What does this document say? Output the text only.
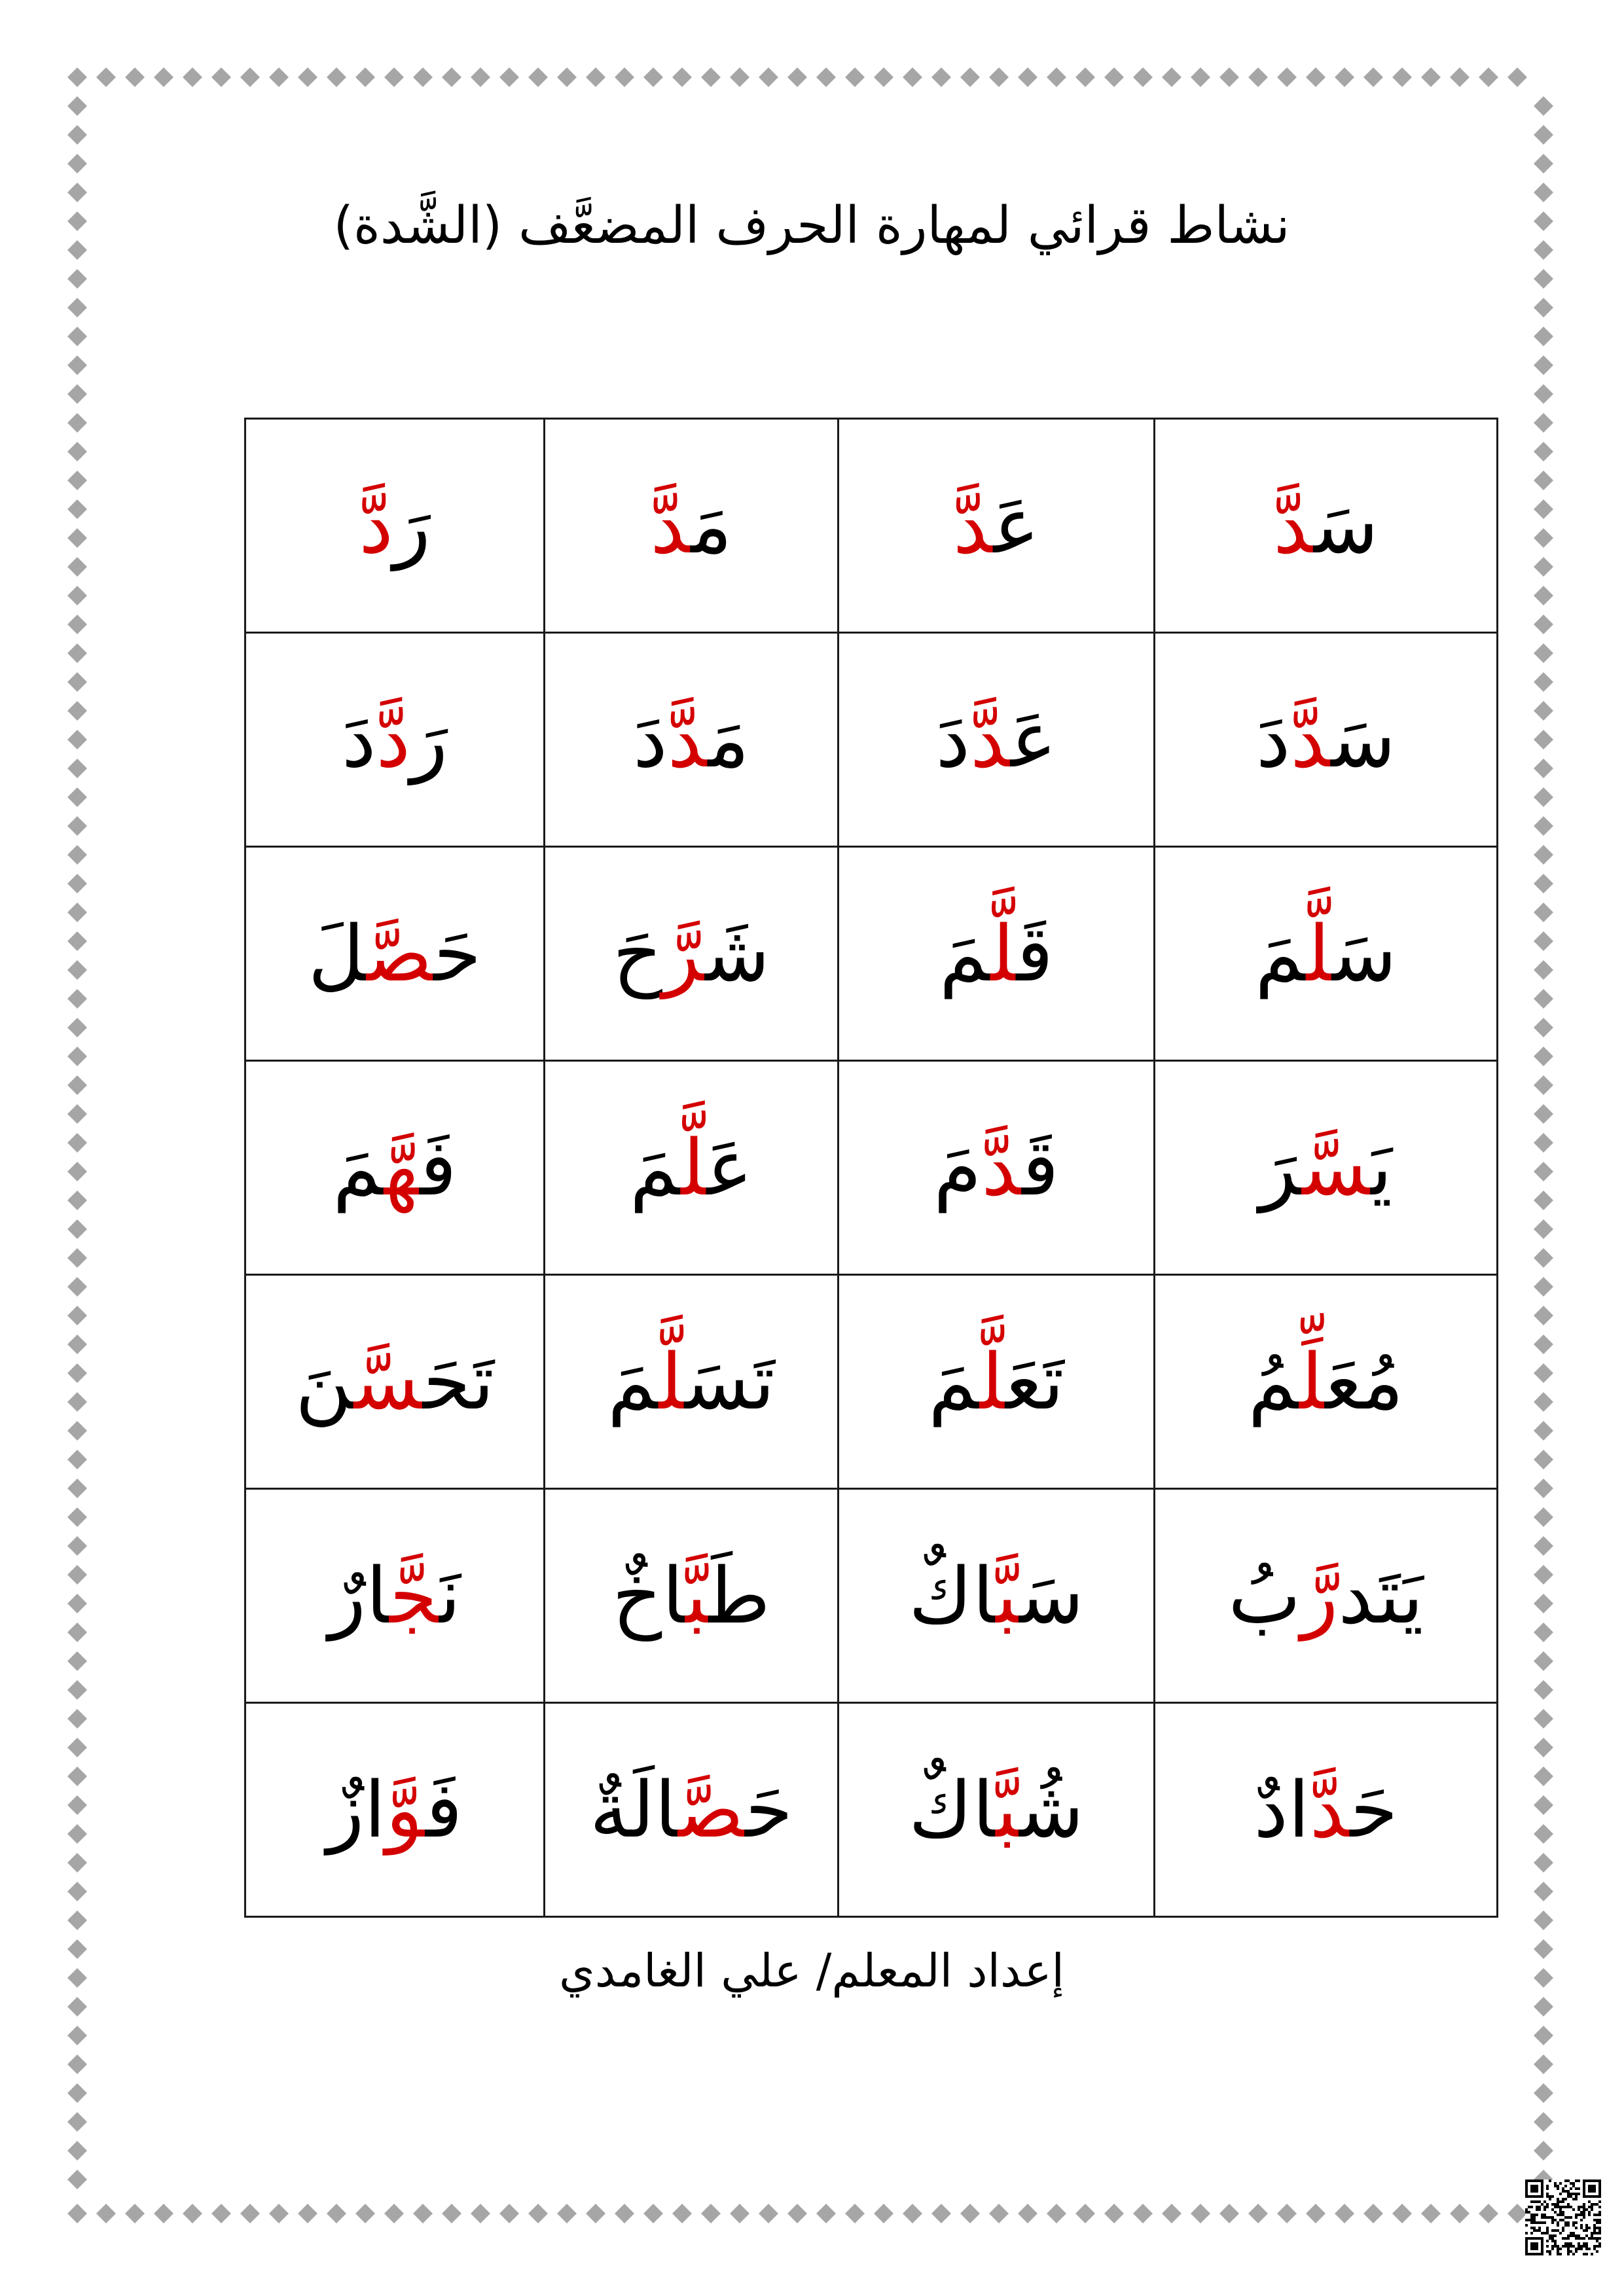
نشاط قرائي لمهارة الحرف المضعَّف (الشَّدة)
سَدَّ	عَدَّ	مَدَّ	رَدَّ
سَدَّدَ	عَدَّدَ	مَدَّدَ	رَدَّدَ
سَلَّمَ	قَلَّمَ	شَرَّحَ	حَصَّلَ
يَسَّرَ	قَدَّمَ	عَلَّمَ	فَهَّمَ
مُعَلِّمُ	تَعَلَّمَ	تَسَلَّمَ	تَحَسَّنَ
يَتَدرَّبُ	سَبَّاكٌ	طَبَّاخٌ	نَجَّارٌ
حَدَّادٌ	شُبَّاكٌ	حَصَّالَةٌ	فَوَّازٌ
إعداد المعلم/ علي الغامدي
